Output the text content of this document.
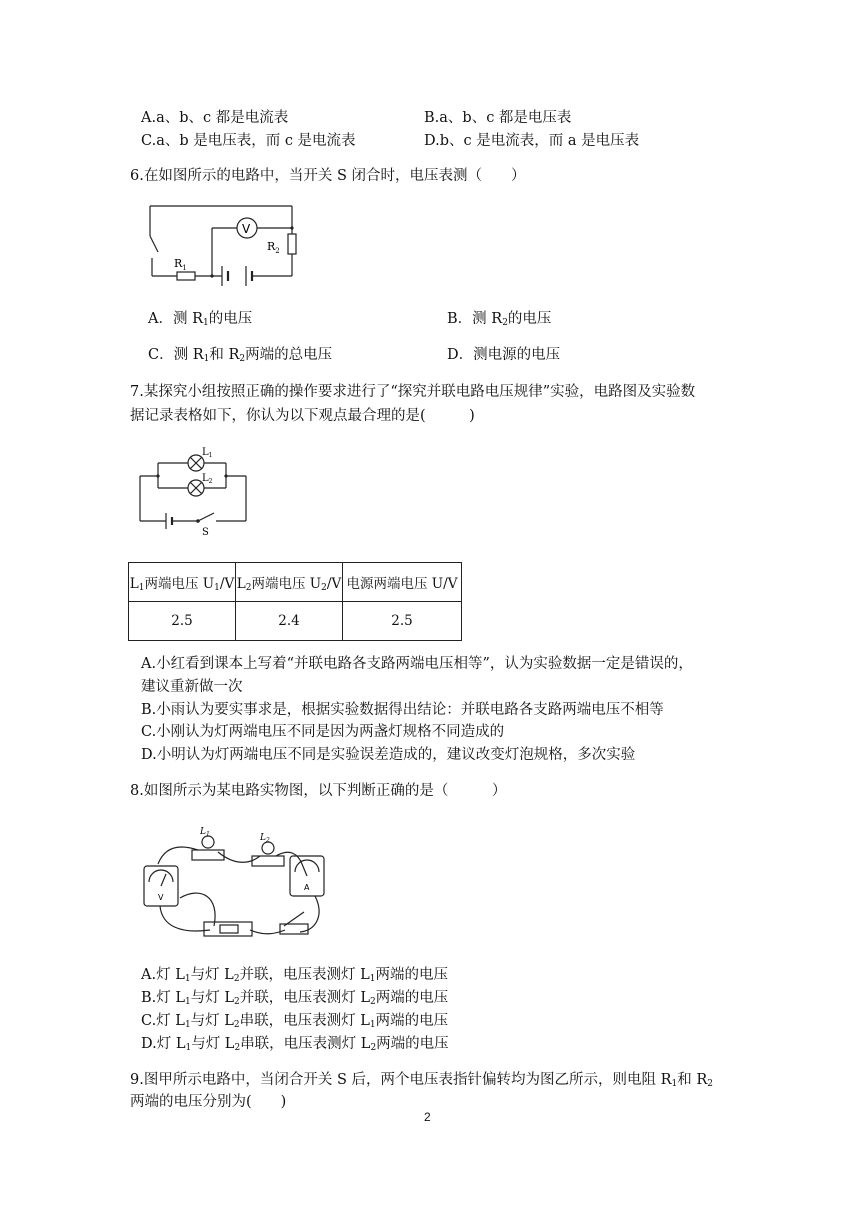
A.a、b、c 都是电流表	B.a、b、c 都是电压表
C.a、b 是电压表，而 c 是电流表	D.b、c 是电流表，而 a 是电压表
6.在如图所示的电路中，当开关 S 闭合时，电压表测（　　）
V
$R_1$
$R_2$
A．测 $R_1$的电压	B．测 $R_2$的电压
C．测 $R_1$和 $R_2$两端的总电压	D．测电源的电压
7.某探究小组按照正确的操作要求进行了“探究并联电路电压规律”实验，电路图及实验数
据记录表格如下，你认为以下观点最合理的是(　　　)
$L_1$
$L_2$
S
$L_1$两端电压 $U_1/V$	$L_2$两端电压 $U_2/V$	电源两端电压 U/V
2.5	2.4	2.5
A.小红看到课本上写着“并联电路各支路两端电压相等”，认为实验数据一定是错误的，
建议重新做一次
B.小雨认为要实事求是，根据实验数据得出结论：并联电路各支路两端电压不相等
C.小刚认为灯两端电压不同是因为两盏灯规格不同造成的
D.小明认为灯两端电压不同是实验误差造成的，建议改变灯泡规格，多次实验
8.如图所示为某电路实物图，以下判断正确的是（　　　）
$L_1$	$L_2$
A
V
A.灯 $L_1$与灯 $L_2$并联，电压表测灯 $L_1$两端的电压
B.灯 $L_1$与灯 $L_2$并联，电压表测灯 $L_2$两端的电压
C.灯 $L_1$与灯 $L_2$串联，电压表测灯 $L_1$两端的电压
D.灯 $L_1$与灯 $L_2$串联，电压表测灯 $L_2$两端的电压
9.图甲所示电路中，当闭合开关 S 后，两个电压表指针偏转均为图乙所示，则电阻 $R_1$和 $R_2$
两端的电压分别为(　　)
2
